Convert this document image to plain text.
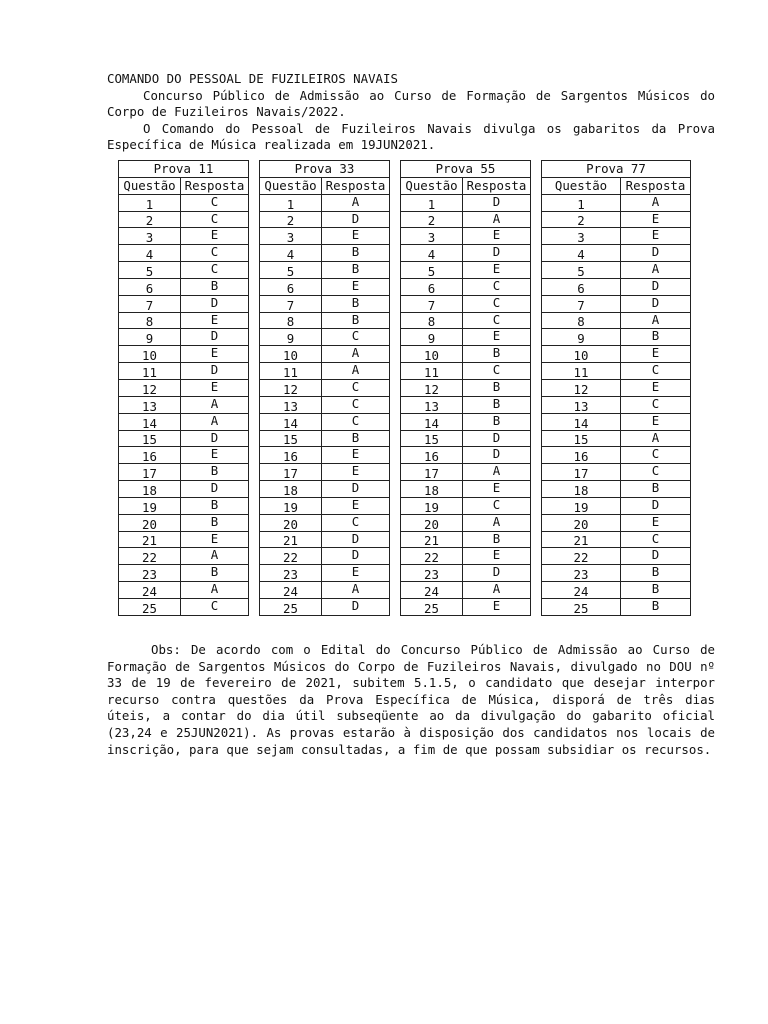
COMANDO DO PESSOAL DE FUZILEIROS NAVAIS

Concurso Público de Admissão ao Curso de Formação de Sargentos Músicos do Corpo de Fuzileiros Navais/2022.

O Comando do Pessoal de Fuzileiros Navais divulga os gabaritos da Prova Específica de Música realizada em 19JUN2021.

Prova 11			Prova 33			Prova 55			Prova 77	
Questão	Resposta		Questão	Resposta		Questão	Resposta		Questão	Resposta
1	C		1	A		1	D		1	A
2	C		2	D		2	A		2	E
3	E		3	E		3	E		3	E
4	C		4	B		4	D		4	D
5	C		5	B		5	E		5	A
6	B		6	E		6	C		6	D
7	D		7	B		7	C		7	D
8	E		8	B		8	C		8	A
9	D		9	C		9	E		9	B
10	E		10	A		10	B		10	E
11	D		11	A		11	C		11	C
12	E		12	C		12	B		12	E
13	A		13	C		13	B		13	C
14	A		14	C		14	B		14	E
15	D		15	B		15	D		15	A
16	E		16	E		16	D		16	C
17	B		17	E		17	A		17	C
18	D		18	D		18	E		18	B
19	B		19	E		19	C		19	D
20	B		20	C		20	A		20	E
21	E		21	D		21	B		21	C
22	A		22	D		22	E		22	D
23	B		23	E		23	D		23	B
24	A		24	A		24	A		24	B
25	C		25	D		25	E		25	B
Obs: De acordo com o Edital do Concurso Público de Admissão ao Curso de Formação de Sargentos Músicos do Corpo de Fuzileiros Navais, divulgado no DOU nº 33 de 19 de fevereiro de 2021, subitem 5.1.5, o candidato que desejar interpor recurso contra questões da Prova Específica de Música, disporá de três dias úteis, a contar do dia útil subseqüente ao da divulgação do gabarito oficial (23,24 e 25JUN2021). As provas estarão à disposição dos candidatos nos locais de inscrição, para que sejam consultadas, a fim de que possam subsidiar os recursos.
